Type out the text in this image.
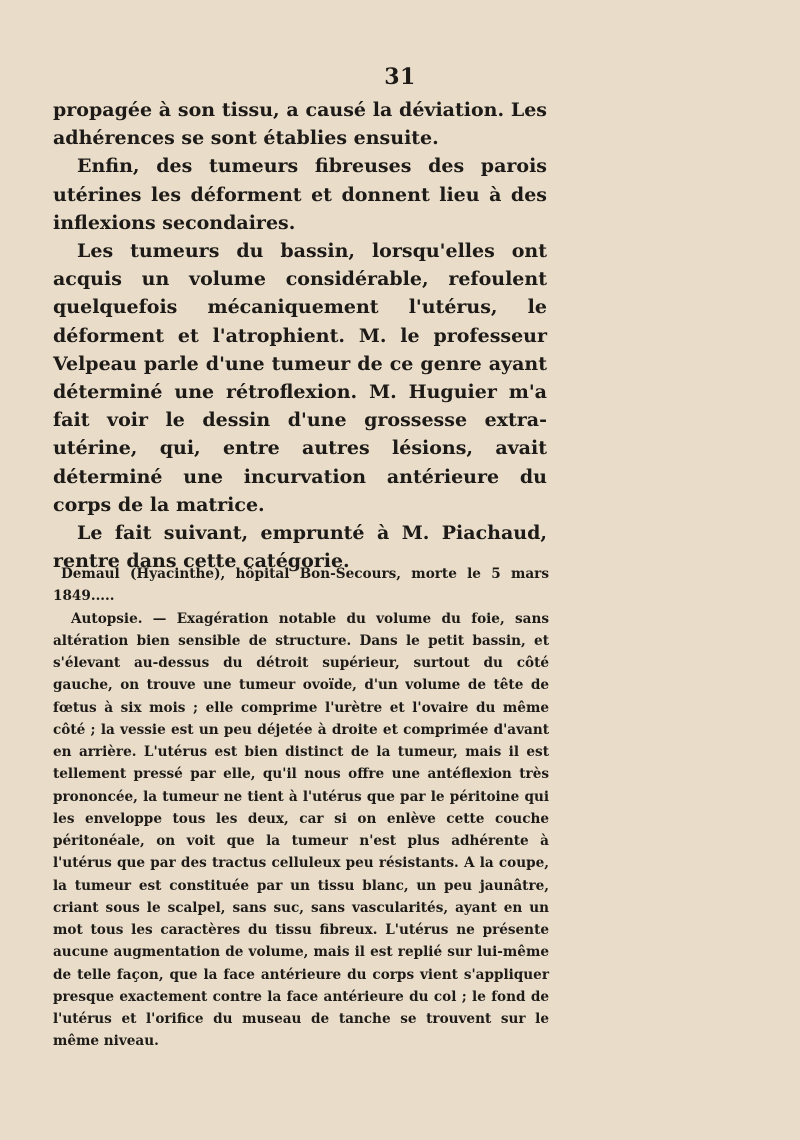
31

propagée à son tissu, a causé la déviation. Les adhérences se sont établies ensuite.

Enfin, des tumeurs fibreuses des parois utérines les déforment et donnent lieu à des inflexions secondaires.

Les tumeurs du bassin, lorsqu'elles ont acquis un volume considérable, refoulent quelquefois mécaniquement l'utérus, le déforment et l'atrophient. M. le professeur Velpeau parle d'une tumeur de ce genre ayant déterminé une rétroflexion. M. Huguier m'a fait voir le dessin d'une grossesse extra-utérine, qui, entre autres lésions, avait déterminé une incurvation antérieure du corps de la matrice.

Le fait suivant, emprunté à M. Piachaud, rentre dans cette catégorie.

Demaul (Hyacinthe), hôpital Bon-Secours, morte le 5 mars 1849.....

Autopsie. — Exagération notable du volume du foie, sans altération bien sensible de structure. Dans le petit bassin, et s'élevant au-dessus du détroit supérieur, surtout du côté gauche, on trouve une tumeur ovoïde, d'un volume de tête de fœtus à six mois ; elle comprime l'urètre et l'ovaire du même côté ; la vessie est un peu déjetée à droite et comprimée d'avant en arrière. L'utérus est bien distinct de la tumeur, mais il est tellement pressé par elle, qu'il nous offre une antéflexion très prononcée, la tumeur ne tient à l'utérus que par le péritoine qui les enveloppe tous les deux, car si on enlève cette couche péritonéale, on voit que la tumeur n'est plus adhérente à l'utérus que par des tractus celluleux peu résistants. A la coupe, la tumeur est constituée par un tissu blanc, un peu jaunâtre, criant sous le scalpel, sans suc, sans vascularités, ayant en un mot tous les caractères du tissu fibreux. L'utérus ne présente aucune augmentation de volume, mais il est replié sur lui-même de telle façon, que la face antérieure du corps vient s'appliquer presque exactement contre la face antérieure du col ; le fond de l'utérus et l'orifice du museau de tanche se trouvent sur le même niveau.
